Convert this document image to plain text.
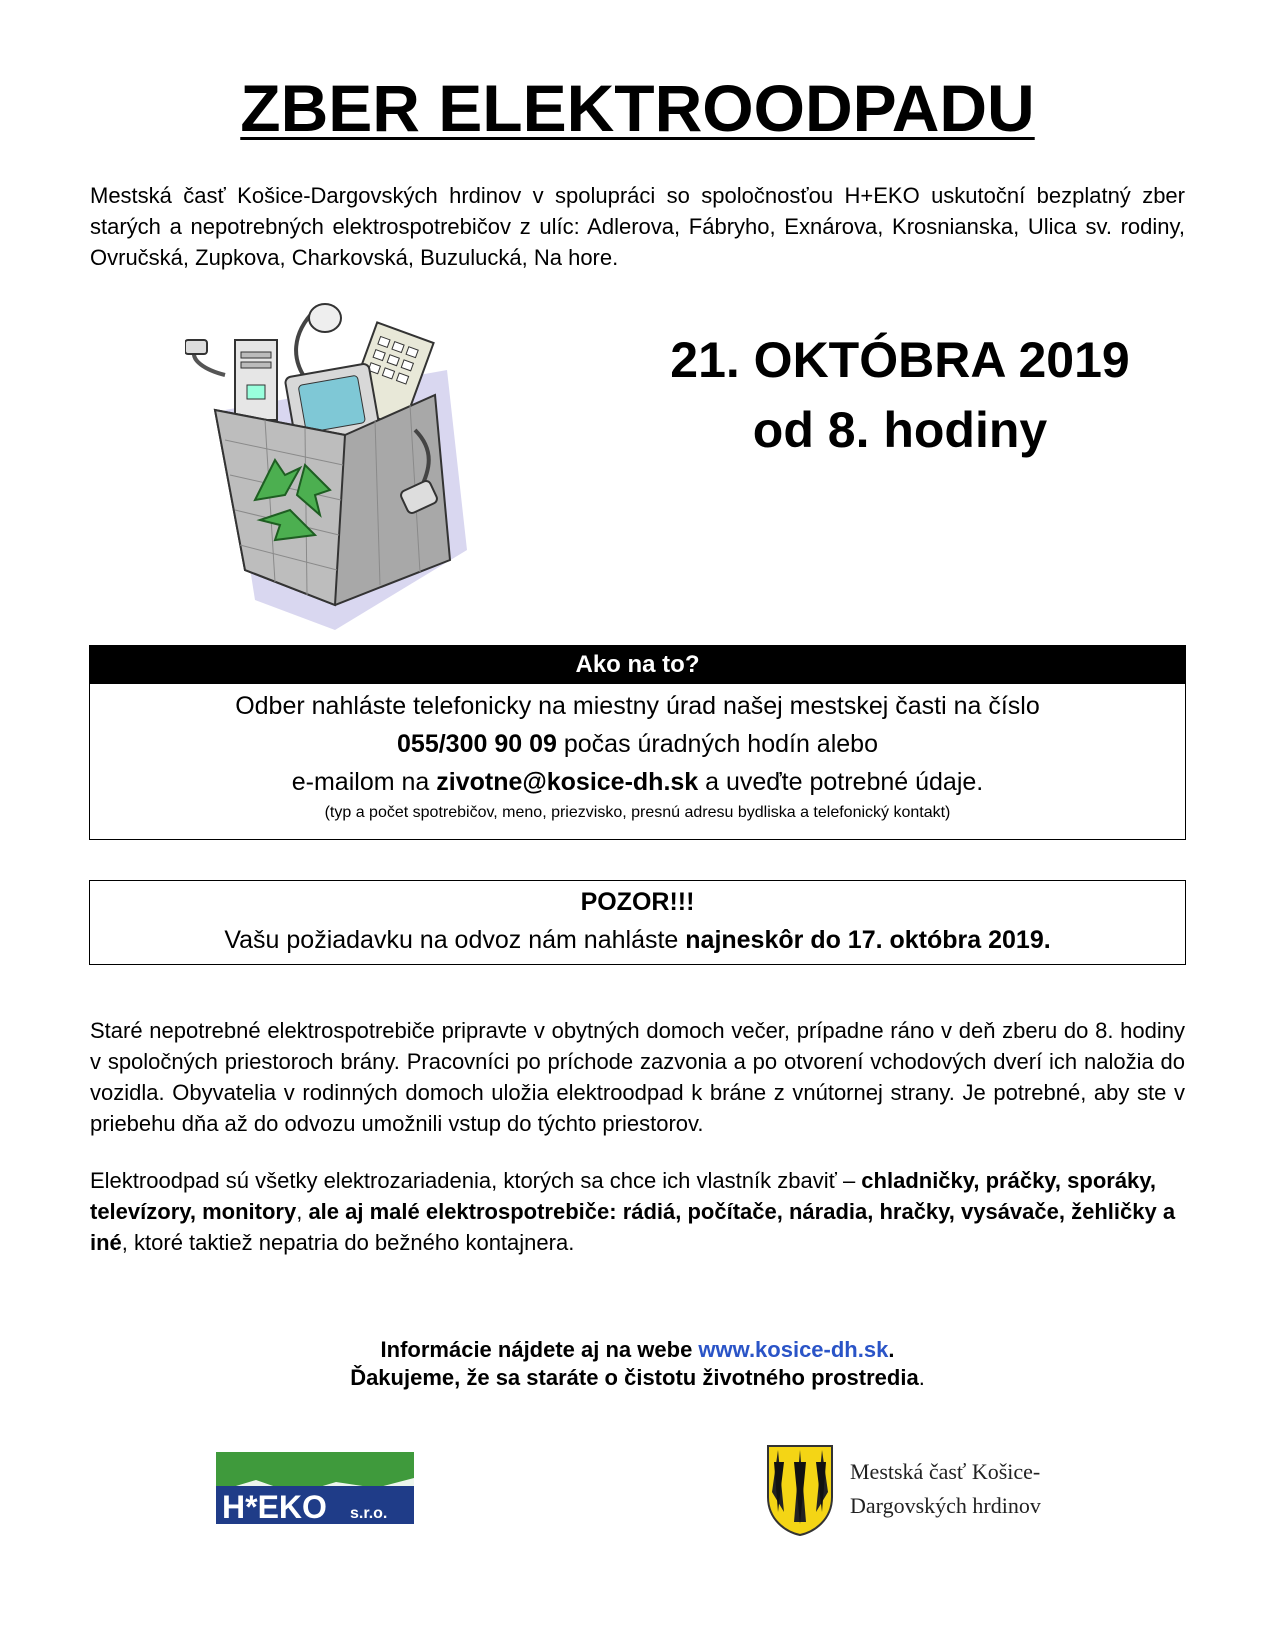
ZBER ELEKTROODPADU
Mestská časť Košice-Dargovských hrdinov v spolupráci so spoločnosťou H+EKO uskutoční bezplatný zber starých a nepotrebných elektrospotrebičov z ulíc: Adlerova, Fábryho, Exnárova, Krosnianska, Ulica sv. rodiny, Ovručská, Zupkova, Charkovská, Buzulucká, Na hore.
21. OKTÓBRA 2019
od 8. hodiny
Ako na to?
Odber nahláste telefonicky na miestny úrad našej mestskej časti na číslo
055/300 90 09 počas úradných hodín alebo
e-mailom na zivotne@kosice-dh.sk a uveďte potrebné údaje.
(typ a počet spotrebičov, meno, priezvisko, presnú adresu bydliska a telefonický kontakt)
POZOR!!!
Vašu požiadavku na odvoz nám nahláste najneskôr do 17. októbra 2019.
Staré nepotrebné elektrospotrebiče pripravte v obytných domoch večer, prípadne ráno v deň zberu do 8. hodiny v spoločných priestoroch brány. Pracovníci po príchode zazvonia a po otvorení vchodových dverí ich naložia do vozidla. Obyvatelia v rodinných domoch uložia elektroodpad k bráne z vnútornej strany. Je potrebné, aby ste v priebehu dňa až do odvozu umožnili vstup do týchto priestorov.
Elektroodpad sú všetky elektrozariadenia, ktorých sa chce ich vlastník zbaviť – chladničky, práčky, sporáky, televízory, monitory, ale aj malé elektrospotrebiče: rádiá, počítače, náradia, hračky, vysávače, žehličky a iné, ktoré taktiež nepatria do bežného kontajnera.
Informácie nájdete aj na webe www.kosice-dh.sk.
Ďakujeme, že sa staráte o čistotu životného prostredia.
H*EKO s.r.o.
Mestská časť Košice-
Dargovských hrdinov
